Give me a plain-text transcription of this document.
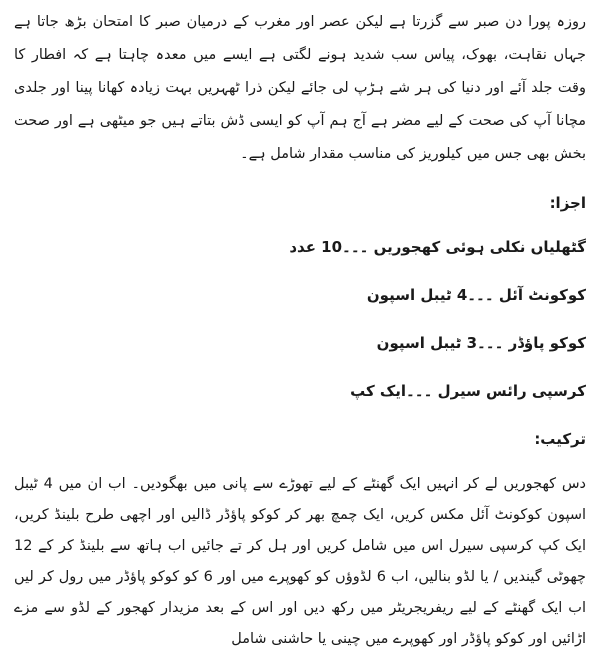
روزہ پورا دن صبر سے گزرتا ہے لیکن عصر اور مغرب کے درمیان صبر کا امتحان بڑھ جاتا ہے جہاں نقاہت، بھوک، پیاس سب شدید ہونے لگتی ہے ایسے میں معدہ چاہتا ہے کہ افطار کا وقت جلد آئے اور دنیا کی ہر شے ہڑپ لی جائے لیکن ذرا ٹھہریں بہت زیادہ کھانا پینا اور جلدی مچانا آپ کی صحت کے لیے مضر ہے آج ہم آپ کو ایسی ڈش بتاتے ہیں جو میٹھی ہے اور صحت بخش بھی جس میں کیلوریز کی مناسب مقدار شامل ہے۔

اجزا:
گٹھلیاں نکلی ہوئی کھجوریں ۔۔۔10 عدد
کوکونٹ آئل ۔۔۔4 ٹیبل اسپون
کوکو پاؤڈر ۔۔۔3 ٹیبل اسپون
کرسپی رائس سیرل ۔۔۔ایک کپ
ترکیب:

دس کھجوریں لے کر انہیں ایک گھنٹے کے لیے تھوڑے سے پانی میں بھگودیں۔ اب ان میں 4 ٹیبل اسپون کوکونٹ آئل مکس کریں، ایک چمچ بھر کر کوکو پاؤڈر ڈالیں اور اچھی طرح بلینڈ کریں، ایک کپ کرسپی سیرل اس میں شامل کریں اور ہل کر تے جائیں اب ہاتھ سے بلینڈ کر کے 12 چھوٹی گیندیں / یا لڈو بنالیں، اب 6 لڈوؤں کو کھوپرے میں اور 6 کو کوکو پاؤڈر میں رول کر لیں اب ایک گھنٹے کے لیے ریفریجریٹر میں رکھ دیں اور اس کے بعد مزیدار کھجور کے لڈو سے مزے اڑائیں اور کوکو پاؤڈر اور کھوپرے میں چینی یا حاشنی شامل
